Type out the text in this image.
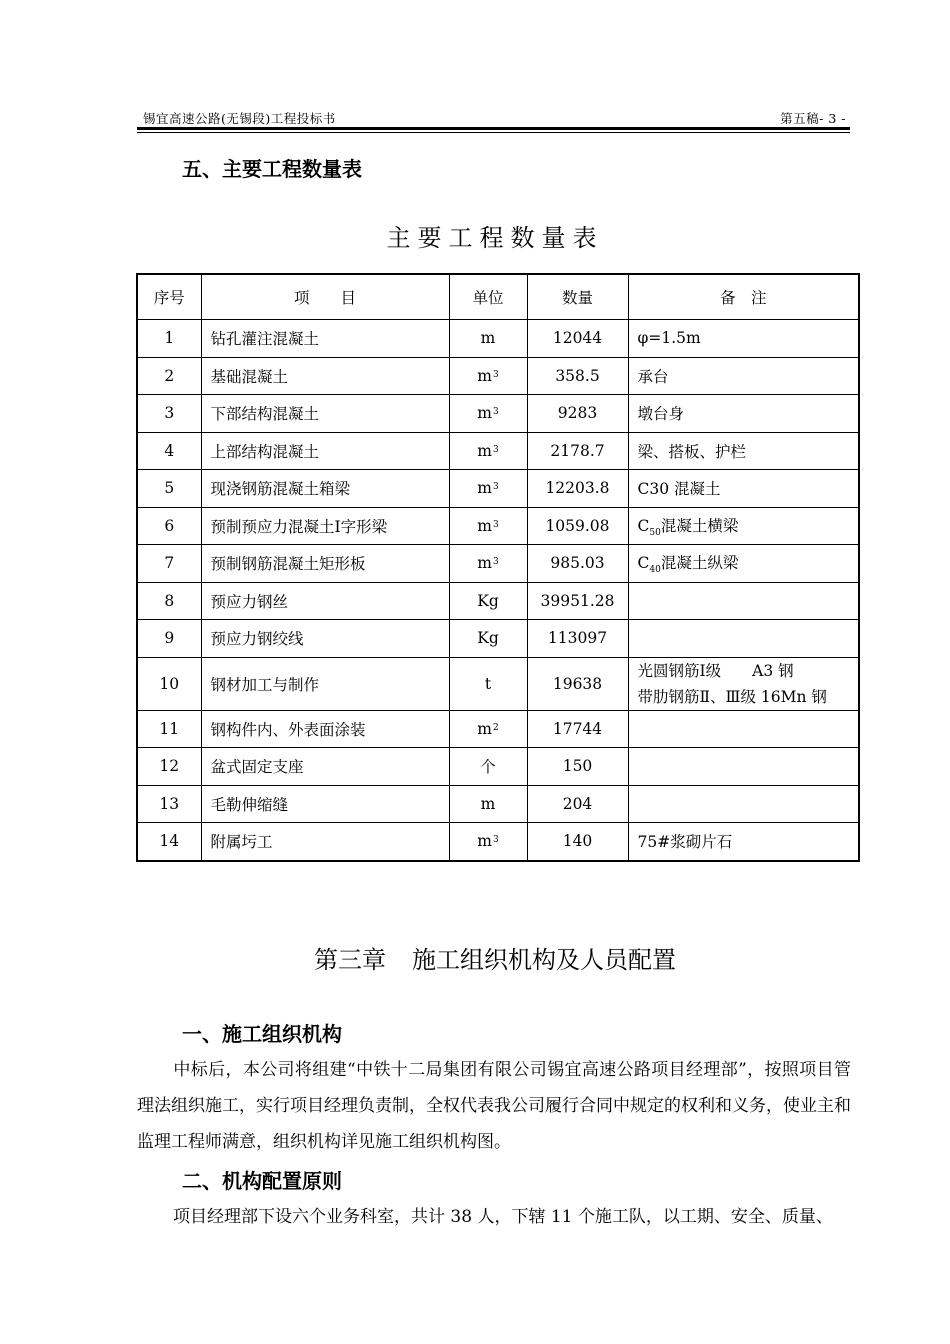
锡宜高速公路(无锡段)工程投标书	第五稿- 3 -
五、主要工程数量表
主要工程数量表
序号	项　　目	单位	数量	备　注
1	钻孔灌注混凝土	m	12044	φ=1.5m
2	基础混凝土	$m^3$	358.5	承台
3	下部结构混凝土	$m^3$	9283	墩台身
4	上部结构混凝土	$m^3$	2178.7	梁、搭板、护栏
5	现浇钢筋混凝土箱梁	$m^3$	12203.8	C30 混凝土
6	预制预应力混凝土Ⅰ字形梁	$m^3$	1059.08	$C_{50}$混凝土横梁
7	预制钢筋混凝土矩形板	$m^3$	985.03	$C_{40}$混凝土纵梁
8	预应力钢丝	Kg	39951.28	
9	预应力钢绞线	Kg	113097	
10	钢材加工与制作	t	19638	光圆钢筋Ⅰ级　　A3 钢
带肋钢筋Ⅱ、Ⅲ级 16Mn 钢

11	钢构件内、外表面涂装	$m^2$	17744	
12	盆式固定支座	个	150	
13	毛勒伸缩缝	m	204	
14	附属圬工	$m^3$	140	75#浆砌片石
第三章 施工组织机构及人员配置
一、施工组织机构
中标后，本公司将组建“中铁十二局集团有限公司锡宜高速公路项目经理部”，按照项目管理法组织施工，实行项目经理负责制，全权代表我公司履行合同中规定的权利和义务，使业主和监理工程师满意，组织机构详见施工组织机构图。
二、机构配置原则
项目经理部下设六个业务科室，共计 38 人，下辖 11 个施工队，以工期、安全、质量、
